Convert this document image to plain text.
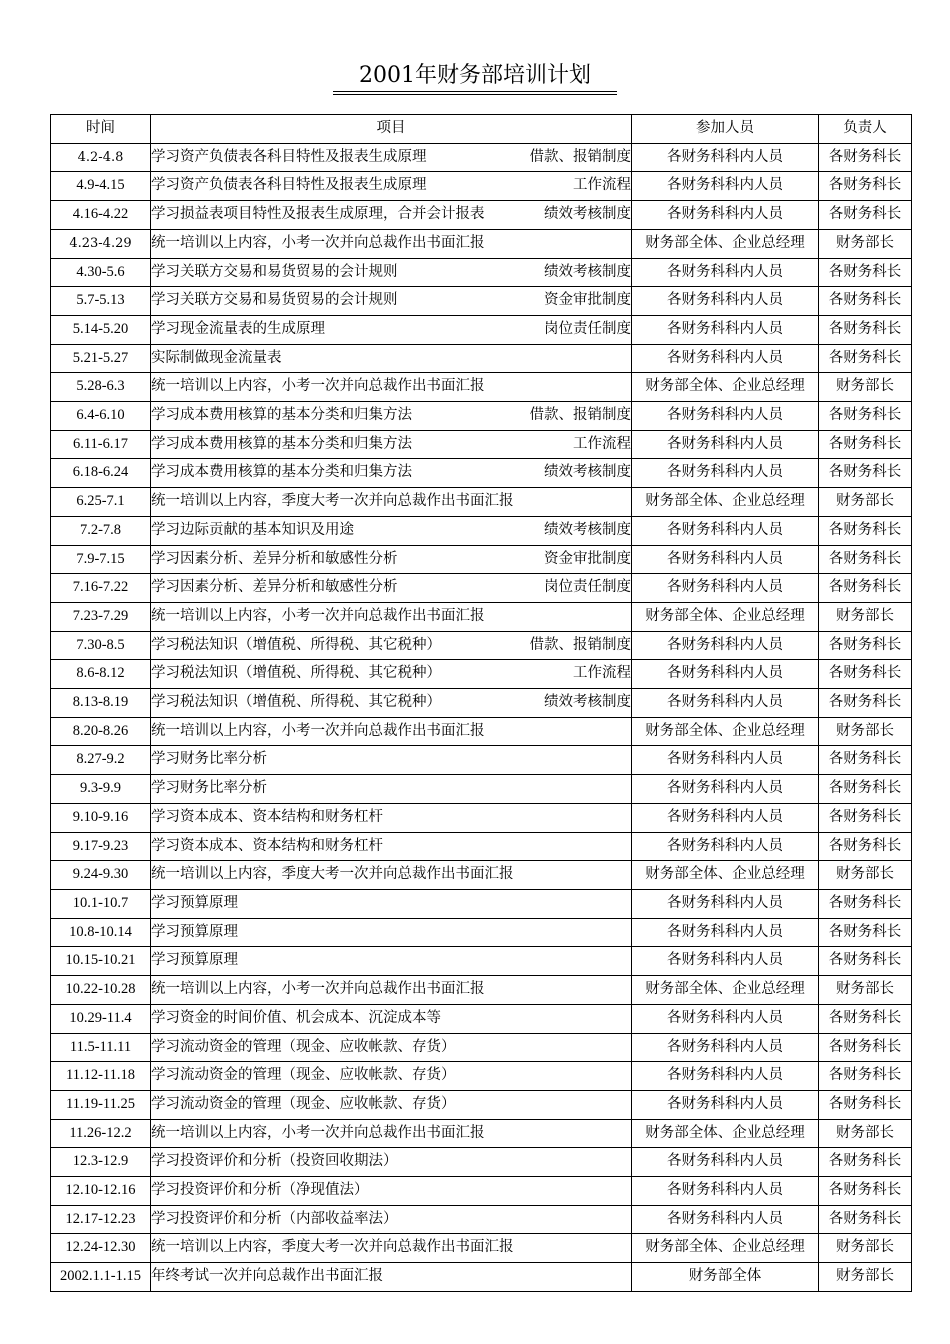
2001年财务部培训计划
时间	项目	参加人员	负责人
4.2-4.8	学习资产负债表各科目特性及报表生成原理 借款、报销制度	各财务科科内人员	各财务科长
4.9-4.15	学习资产负债表各科目特性及报表生成原理 工作流程	各财务科科内人员	各财务科长
4.16-4.22	学习损益表项目特性及报表生成原理，合并会计报表 绩效考核制度	各财务科科内人员	各财务科长
4.23-4.29	统一培训以上内容，小考一次并向总裁作出书面汇报	财务部全体、企业总经理	财务部长
4.30-5.6	学习关联方交易和易货贸易的会计规则 绩效考核制度	各财务科科内人员	各财务科长
5.7-5.13	学习关联方交易和易货贸易的会计规则 资金审批制度	各财务科科内人员	各财务科长
5.14-5.20	学习现金流量表的生成原理 岗位责任制度	各财务科科内人员	各财务科长
5.21-5.27	实际制做现金流量表	各财务科科内人员	各财务科长
5.28-6.3	统一培训以上内容，小考一次并向总裁作出书面汇报	财务部全体、企业总经理	财务部长
6.4-6.10	学习成本费用核算的基本分类和归集方法 借款、报销制度	各财务科科内人员	各财务科长
6.11-6.17	学习成本费用核算的基本分类和归集方法 工作流程	各财务科科内人员	各财务科长
6.18-6.24	学习成本费用核算的基本分类和归集方法 绩效考核制度	各财务科科内人员	各财务科长
6.25-7.1	统一培训以上内容，季度大考一次并向总裁作出书面汇报	财务部全体、企业总经理	财务部长
7.2-7.8	学习边际贡献的基本知识及用途 绩效考核制度	各财务科科内人员	各财务科长
7.9-7.15	学习因素分析、差异分析和敏感性分析 资金审批制度	各财务科科内人员	各财务科长
7.16-7.22	学习因素分析、差异分析和敏感性分析 岗位责任制度	各财务科科内人员	各财务科长
7.23-7.29	统一培训以上内容，小考一次并向总裁作出书面汇报	财务部全体、企业总经理	财务部长
7.30-8.5	学习税法知识（增值税、所得税、其它税种） 借款、报销制度	各财务科科内人员	各财务科长
8.6-8.12	学习税法知识（增值税、所得税、其它税种） 工作流程	各财务科科内人员	各财务科长
8.13-8.19	学习税法知识（增值税、所得税、其它税种） 绩效考核制度	各财务科科内人员	各财务科长
8.20-8.26	统一培训以上内容，小考一次并向总裁作出书面汇报	财务部全体、企业总经理	财务部长
8.27-9.2	学习财务比率分析	各财务科科内人员	各财务科长
9.3-9.9	学习财务比率分析	各财务科科内人员	各财务科长
9.10-9.16	学习资本成本、资本结构和财务杠杆	各财务科科内人员	各财务科长
9.17-9.23	学习资本成本、资本结构和财务杠杆	各财务科科内人员	各财务科长
9.24-9.30	统一培训以上内容，季度大考一次并向总裁作出书面汇报	财务部全体、企业总经理	财务部长
10.1-10.7	学习预算原理	各财务科科内人员	各财务科长
10.8-10.14	学习预算原理	各财务科科内人员	各财务科长
10.15-10.21	学习预算原理	各财务科科内人员	各财务科长
10.22-10.28	统一培训以上内容，小考一次并向总裁作出书面汇报	财务部全体、企业总经理	财务部长
10.29-11.4	学习资金的时间价值、机会成本、沉淀成本等	各财务科科内人员	各财务科长
11.5-11.11	学习流动资金的管理（现金、应收帐款、存货）	各财务科科内人员	各财务科长
11.12-11.18	学习流动资金的管理（现金、应收帐款、存货）	各财务科科内人员	各财务科长
11.19-11.25	学习流动资金的管理（现金、应收帐款、存货）	各财务科科内人员	各财务科长
11.26-12.2	统一培训以上内容，小考一次并向总裁作出书面汇报	财务部全体、企业总经理	财务部长
12.3-12.9	学习投资评价和分析（投资回收期法）	各财务科科内人员	各财务科长
12.10-12.16	学习投资评价和分析（净现值法）	各财务科科内人员	各财务科长
12.17-12.23	学习投资评价和分析（内部收益率法）	各财务科科内人员	各财务科长
12.24-12.30	统一培训以上内容，季度大考一次并向总裁作出书面汇报	财务部全体、企业总经理	财务部长
2002.1.1-1.15	年终考试一次并向总裁作出书面汇报	财务部全体	财务部长
